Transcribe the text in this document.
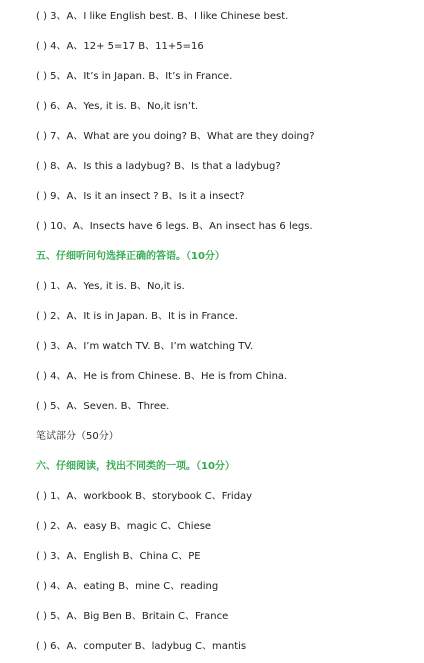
( ) 3、A、I like English best. B、I like Chinese best.
( ) 4、A、12+ 5=17 B、11+5=16
( ) 5、A、It’s in Japan. B、It’s in France.
( ) 6、A、Yes, it is. B、No,it isn’t.
( ) 7、A、What are you doing? B、What are they doing?
( ) 8、A、Is this a ladybug? B、Is that a ladybug?
( ) 9、A、Is it an insect ? B、Is it a insect?
( ) 10、A、Insects have 6 legs. B、An insect has 6 legs.
五、仔细听问句选择正确的答语。（10分）
( ) 1、A、Yes, it is. B、No,it is.
( ) 2、A、It is in Japan. B、It is in France.
( ) 3、A、I’m watch TV. B、I’m watching TV.
( ) 4、A、He is from Chinese. B、He is from China.
( ) 5、A、Seven. B、Three.
笔试部分（50分）
六、仔细阅读，找出不同类的一项。（10分）
( ) 1、A、workbook B、storybook C、Friday
( ) 2、A、easy B、magic C、Chiese
( ) 3、A、English B、China C、PE
( ) 4、A、eating B、mine C、reading
( ) 5、A、Big Ben B、Britain C、France
( ) 6、A、computer B、ladybug C、mantis
